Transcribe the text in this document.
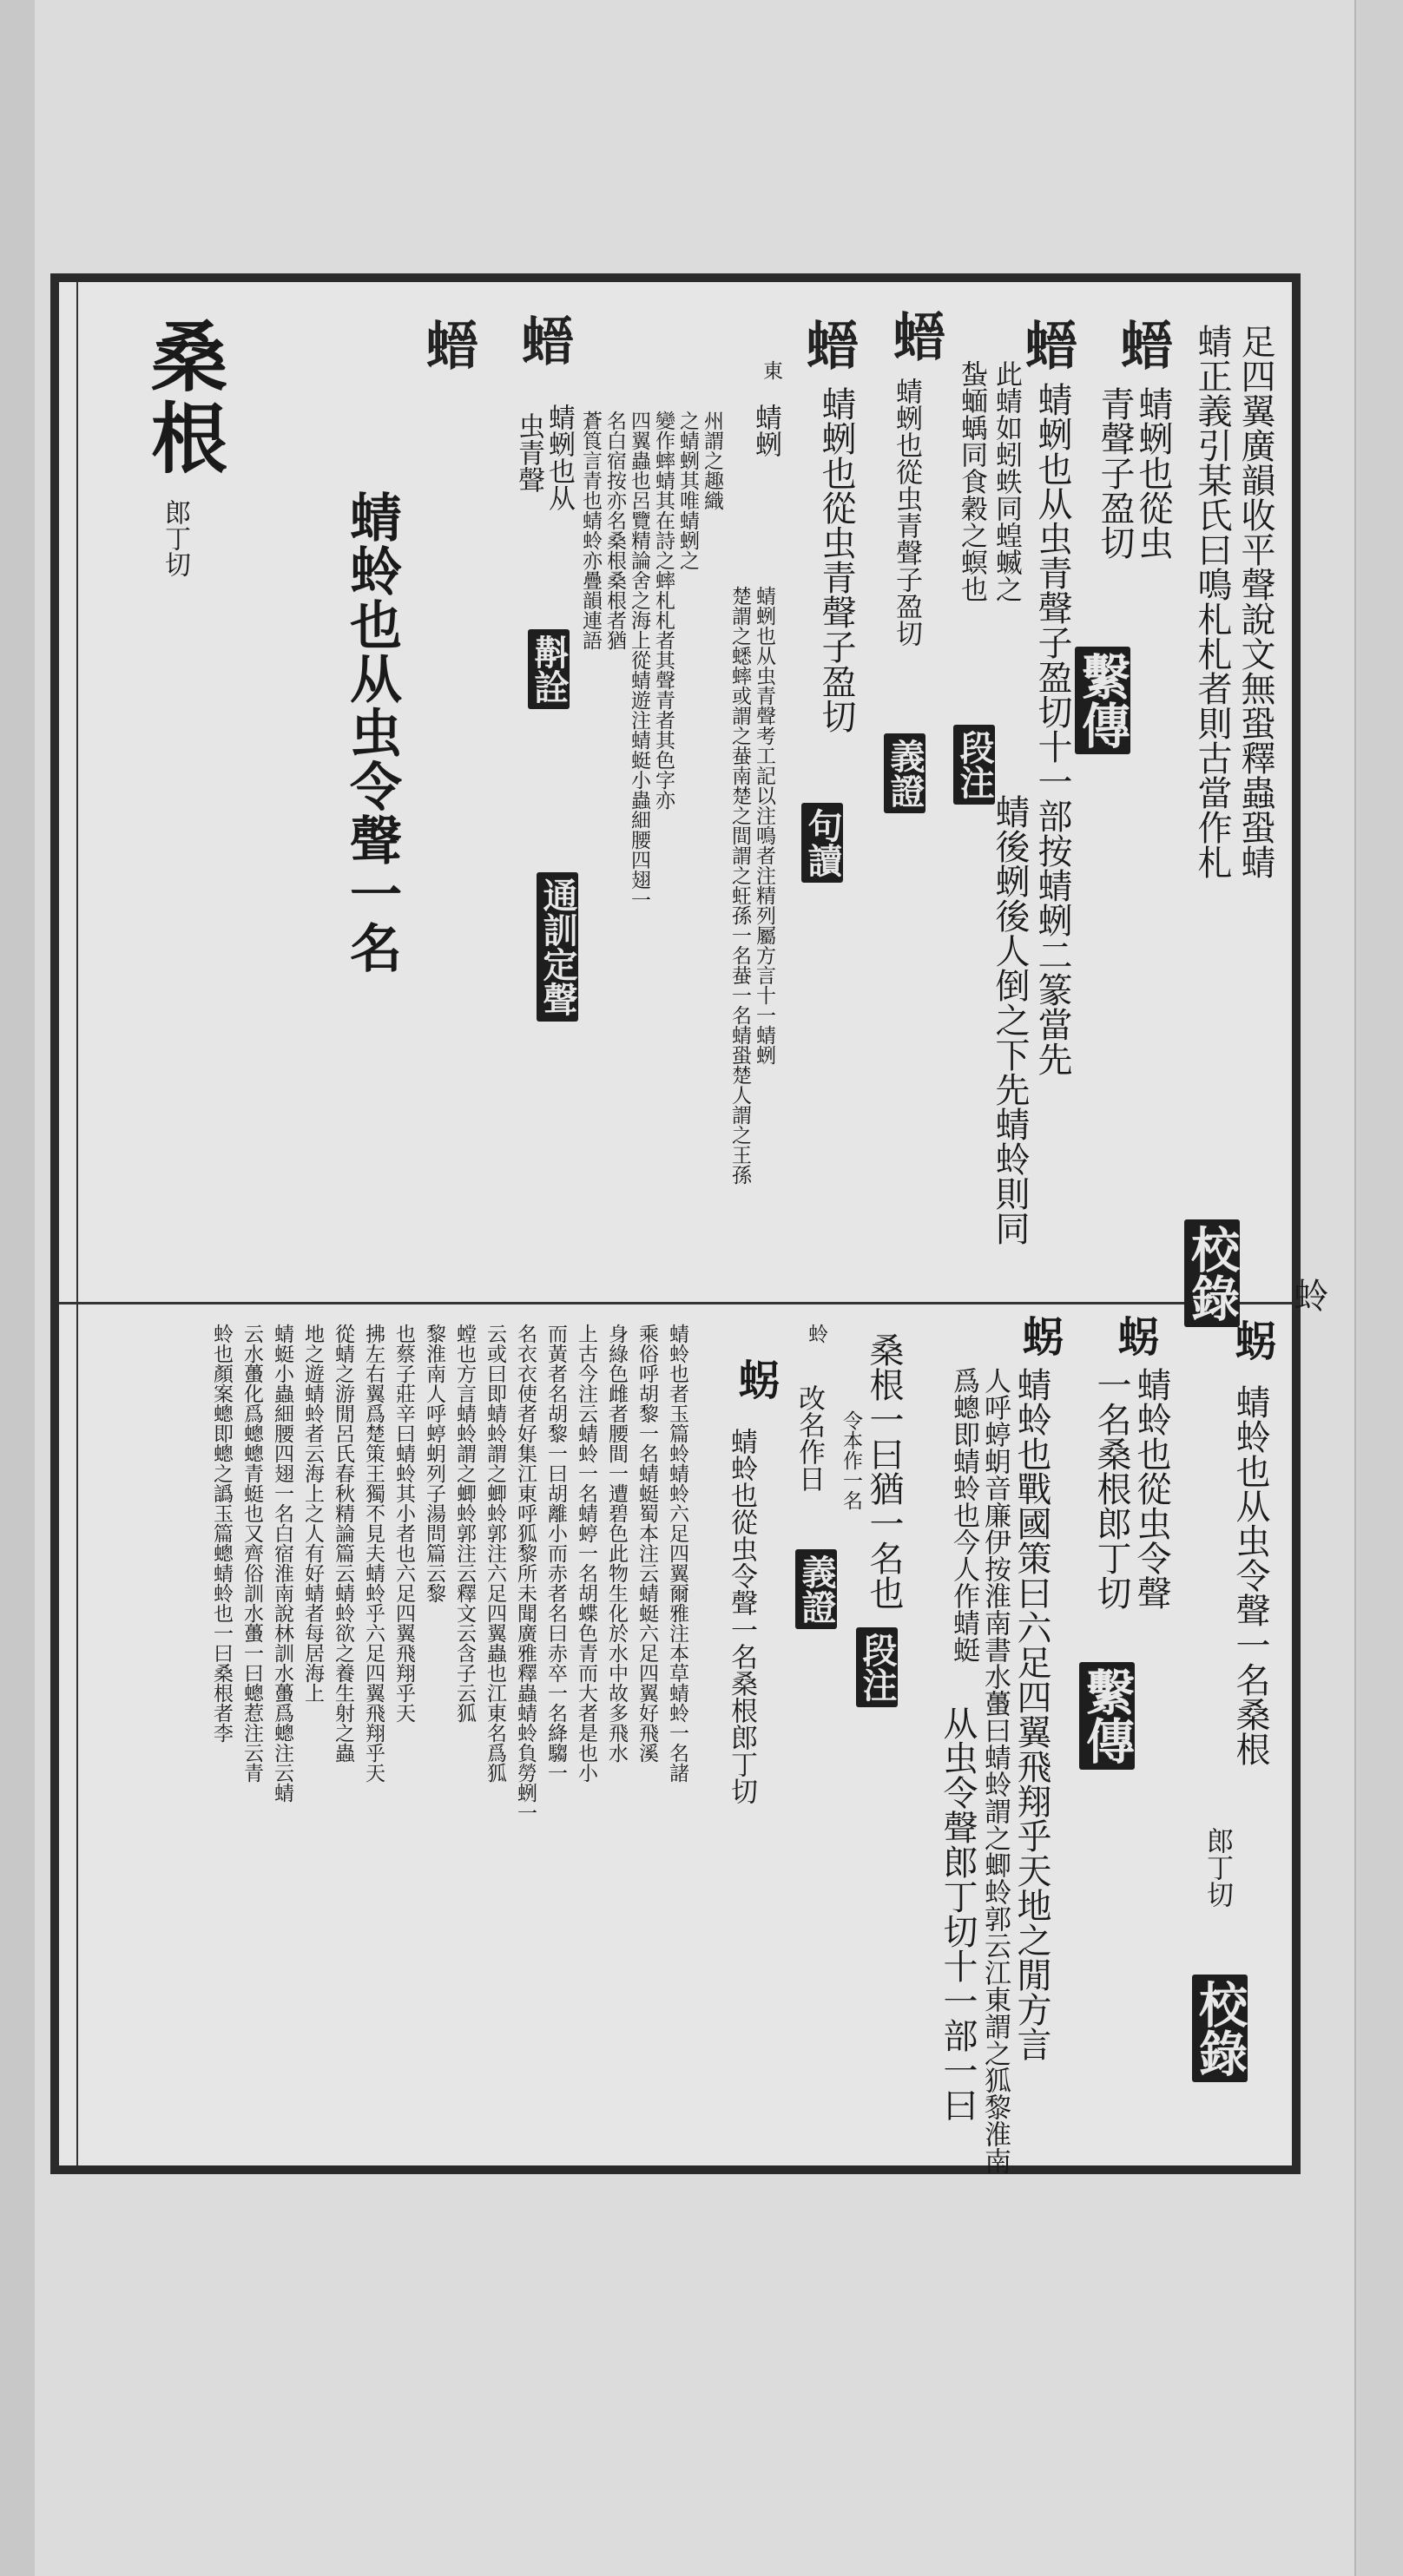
足四翼廣韻收平聲說文無蛩釋蟲蛩蜻
蜻正義引某氏曰鳴札札者則古當作札
校錄
𧎽
蜻蛚也從虫
青聲子盈切
繫傳
𧎽
蜻蛚也从虫青聲子盈切十一部按蜻蛚二篆當先
此蜻如蚓蛈同蝗蝛之
蚻蝒蝺同食穀之螟也
段注
蜻後蛚後人倒之下先蜻蛉則同
𧎽
蜻蛚也從虫青聲子盈切
義證
𧎽
蜻蛚也從虫青聲子盈切
句讀
東
蜻蛚
蜻蛚也从虫青聲考工記以注鳴者注精列屬方言十一蜻蛚
楚謂之蟋蟀或謂之蛬南楚之間謂之蚟孫一名蛬一名蜻蛩楚人謂之王孫
州謂之趣織
之蜻蛚其唯蜻蛚之
變作蟀蜻其在詩之蟀札札者其聲青者其色字亦
四翼蟲也呂覽精論舍之海上從蜻遊注蜻蜓小蟲細腰四翅一
名白宿按亦名桑根桑根者猶
蒼筤言青也蜻蛉亦疊韻連語
𧎽
蜻蛚也从
虫青聲
斠詮
通訓定聲
𧎽
蜻蛉也从虫令聲一名
桑根
郎丁切
𧊅
蜻蛉也从虫令聲一名桑根
郎丁切
校錄
𧊅
蜻蛉也從虫令聲
一名桑根郎丁切
繫傳
𧊅
蜻蛉也戰國策曰六足四翼飛翔乎天地之閒方言
人呼蝏蚏音廉伊按淮南書水蠆曰蜻蛉謂之蝍蛉郭云江東謂之狐黎淮南
爲蟌即蜻蛉也今人作蜻蜓
从虫令聲郎丁切十一部一曰
桑根一曰猶一名也
段注
令本作一名
蛉
改名作日
義證
𧊅
蜻蛉也從虫令聲一名桑根郎丁切
蜻蛉也者玉篇蛉蜻蛉六足四翼爾雅注本草蜻蛉一名諸
乘俗呼胡黎一名蜻蜓蜀本注云蜻蜓六足四翼好飛溪
身綠色雌者腰間一遭碧色此物生化於水中故多飛水
上古今注云蜻蛉一名蜻蝏一名胡蝶色青而大者是也小
而黃者名胡黎一曰胡離小而赤者名曰赤卒一名絳騶一
名衣衣使者好集江東呼狐黎所未聞廣雅釋蟲蜻蛉負勞蛚一
云或曰即蜻蛉謂之蝍蛉郭注六足四翼蟲也江東名爲狐
螳也方言蜻蛉謂之蝍蛉郭注云釋文云含子云狐
黎淮南人呼蝏蚏列子湯問篇云黎
也蔡子莊辛曰蜻蛉其小者也六足四翼飛翔乎天
拂左右翼爲楚策王獨不見夫蜻蛉乎六足四翼飛翔乎天
從蜻之游閒呂氏春秋精論篇云蜻蛉欲之養生射之蟲
地之遊蜻蛉者云海上之人有好蜻者每居海上
蜻蜓小蟲細腰四翅一名白宿淮南說林訓水蠆爲蟌注云蜻
云水蠆化爲蟌蟌青蜓也又齊俗訓水蠆一曰蟌惹注云青
蛉也顏案蟌即蟌之譌玉篇蟌蜻蛉也一曰桑根者李
蛉
